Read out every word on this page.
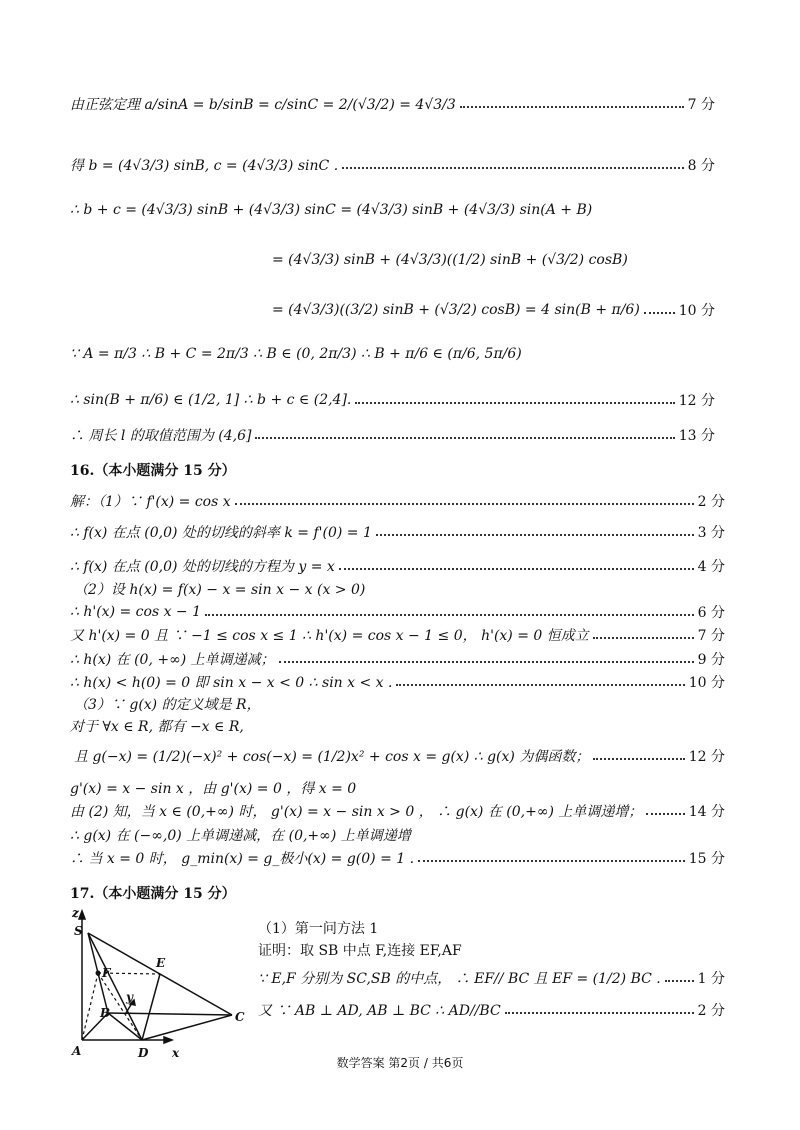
由正弦定理 a/sinA = b/sinB = c/sinC = 2/(√3/2) = 4√3/3	7 分
得 b = (4√3/3) sinB, c = (4√3/3) sinC .	8 分
∴ b + c = (4√3/3) sinB + (4√3/3) sinC = (4√3/3) sinB + (4√3/3) sin(A + B)
= (4√3/3) sinB + (4√3/3)((1/2) sinB + (√3/2) cosB)
= (4√3/3)((3/2) sinB + (√3/2) cosB) = 4 sin(B + π/6)	10 分
∵ A = π/3 ∴ B + C = 2π/3 ∴ B ∈ (0, 2π/3) ∴ B + π/6 ∈ (π/6, 5π/6)
∴ sin(B + π/6) ∈ (1/2, 1] ∴ b + c ∈ (2,4].	12 分
∴ 周长 l 的取值范围为 (4,6]	13 分
16.（本小题满分 15 分）
解：（1）∵ f'(x) = cos x	2 分
∴ f(x) 在点 (0,0) 处的切线的斜率 k = f'(0) = 1	3 分
∴ f(x) 在点 (0,0) 处的切线的方程为 y = x	4 分
（2）设 h(x) = f(x) − x = sin x − x (x > 0)
∴ h'(x) = cos x − 1	6 分
又 h'(x) = 0 且 ∵ −1 ≤ cos x ≤ 1 ∴ h'(x) = cos x − 1 ≤ 0， h'(x) = 0 恒成立	7 分
∴ h(x) 在 (0, +∞) 上单调递减；	9 分
∴ h(x) < h(0) = 0 即 sin x − x < 0 ∴ sin x < x .	10 分
（3）∵ g(x) 的定义域是 R，
对于 ∀x ∈ R, 都有 −x ∈ R,
且 g(−x) = (1/2)(−x)² + cos(−x) = (1/2)x² + cos x = g(x) ∴ g(x) 为偶函数；	12 分
g'(x) = x − sin x ，由 g'(x) = 0 ，得 x = 0
由 (2) 知，当 x ∈ (0,+∞) 时， g'(x) = x − sin x > 0 ， ∴ g(x) 在 (0,+∞) 上单调递增；	14 分
∴ g(x) 在 (−∞,0) 上单调递减，在 (0,+∞) 上单调递增
∴ 当 x = 0 时， g_min(x) = g_极小(x) = g(0) = 1 .	15 分
17.（本小题满分 15 分）
z
S
F
E
y
B	C
A	D x
（1）第一问方法 1
证明：取 SB 中点 F,连接 EF,AF
∵ E,F 分别为 SC,SB 的中点， ∴ EF// BC 且 EF = (1/2) BC .	1 分
又 ∵ AB ⊥ AD, AB ⊥ BC ∴ AD//BC	2 分
数学答案 第2页 / 共6页
